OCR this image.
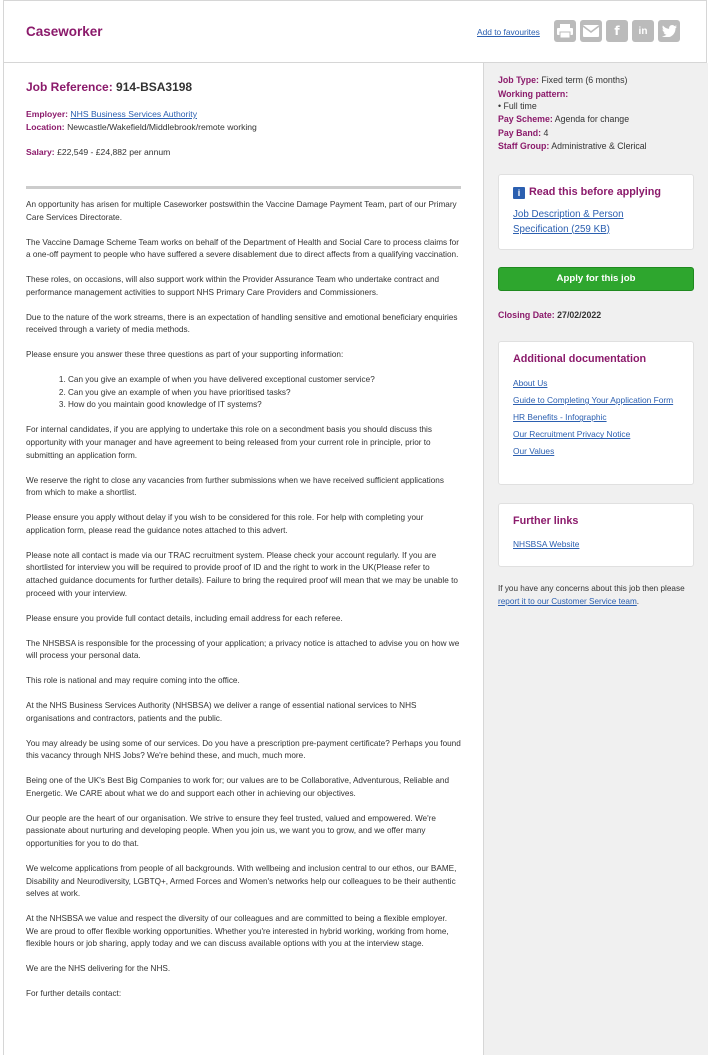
Caseworker	Add to favourites	f	in
Job Reference: 914-BSA3198
Employer: NHS Business Services Authority
Location: Newcastle/Wakefield/Middlebrook/remote working
Salary: £22,549 - £24,882 per annum

An opportunity has arisen for multiple Caseworker postswithin the Vaccine Damage Payment Team, part of our Primary Care Services Directorate.

The Vaccine Damage Scheme Team works on behalf of the Department of Health and Social Care to process claims for a one-off payment to people who have suffered a severe disablement due to direct affects from a qualifying vaccination.

These roles, on occasions, will also support work within the Provider Assurance Team who undertake contract and performance management activities to support NHS Primary Care Providers and Commissioners.

Due to the nature of the work streams, there is an expectation of handling sensitive and emotional beneficiary enquiries received through a variety of media methods.

Please ensure you answer these three questions as part of your supporting information:

1. Can you give an example of when you have delivered exceptional customer service?
2. Can you give an example of when you have prioritised tasks?
3. How do you maintain good knowledge of IT systems?

For internal candidates, if you are applying to undertake this role on a secondment basis you should discuss this opportunity with your manager and have agreement to being released from your current role in principle, prior to submitting an application form.

We reserve the right to close any vacancies from further submissions when we have received sufficient applications from which to make a shortlist.

Please ensure you apply without delay if you wish to be considered for this role. For help with completing your application form, please read the guidance notes attached to this advert.

Please note all contact is made via our TRAC recruitment system. Please check your account regularly. If you are shortlisted for interview you will be required to provide proof of ID and the right to work in the UK(Please refer to attached guidance documents for further details). Failure to bring the required proof will mean that we may be unable to proceed with your interview.

Please ensure you provide full contact details, including email address for each referee.

The NHSBSA is responsible for the processing of your application; a privacy notice is attached to advise you on how we will process your personal data.

This role is national and may require coming into the office.

At the NHS Business Services Authority (NHSBSA) we deliver a range of essential national services to NHS organisations and contractors, patients and the public.

You may already be using some of our services. Do you have a prescription pre-payment certificate? Perhaps you found this vacancy through NHS Jobs? We're behind these, and much, much more.

Being one of the UK's Best Big Companies to work for; our values are to be Collaborative, Adventurous, Reliable and Energetic. We CARE about what we do and support each other in achieving our objectives.

Our people are the heart of our organisation. We strive to ensure they feel trusted, valued and empowered. We're passionate about nurturing and developing people. When you join us, we want you to grow, and we offer many opportunities for you to do that.

We welcome applications from people of all backgrounds. With wellbeing and inclusion central to our ethos, our BAME, Disability and Neurodiversity, LGBTQ+, Armed Forces and Women's networks help our colleagues to be their authentic selves at work.

At the NHSBSA we value and respect the diversity of our colleagues and are committed to being a flexible employer. We are proud to offer flexible working opportunities. Whether you're interested in hybrid working, working from home, flexible hours or job sharing, apply today and we can discuss available options with you at the interview stage.

We are the NHS delivering for the NHS.

For further details contact:

Job Type: Fixed term (6 months)
Working pattern:
• Full time
Pay Scheme: Agenda for change
Pay Band: 4
Staff Group: Administrative & Clerical
i Read this before applying
Job Description & Person Specification (259 KB)
Apply for this job
Closing Date: 27/02/2022
Additional documentation
About Us
Guide to Completing Your Application Form
HR Benefits - Infographic
Our Recruitment Privacy Notice
Our Values
Further links
NHSBSA Website
If you have any concerns about this job then please report it to our Customer Service team.
